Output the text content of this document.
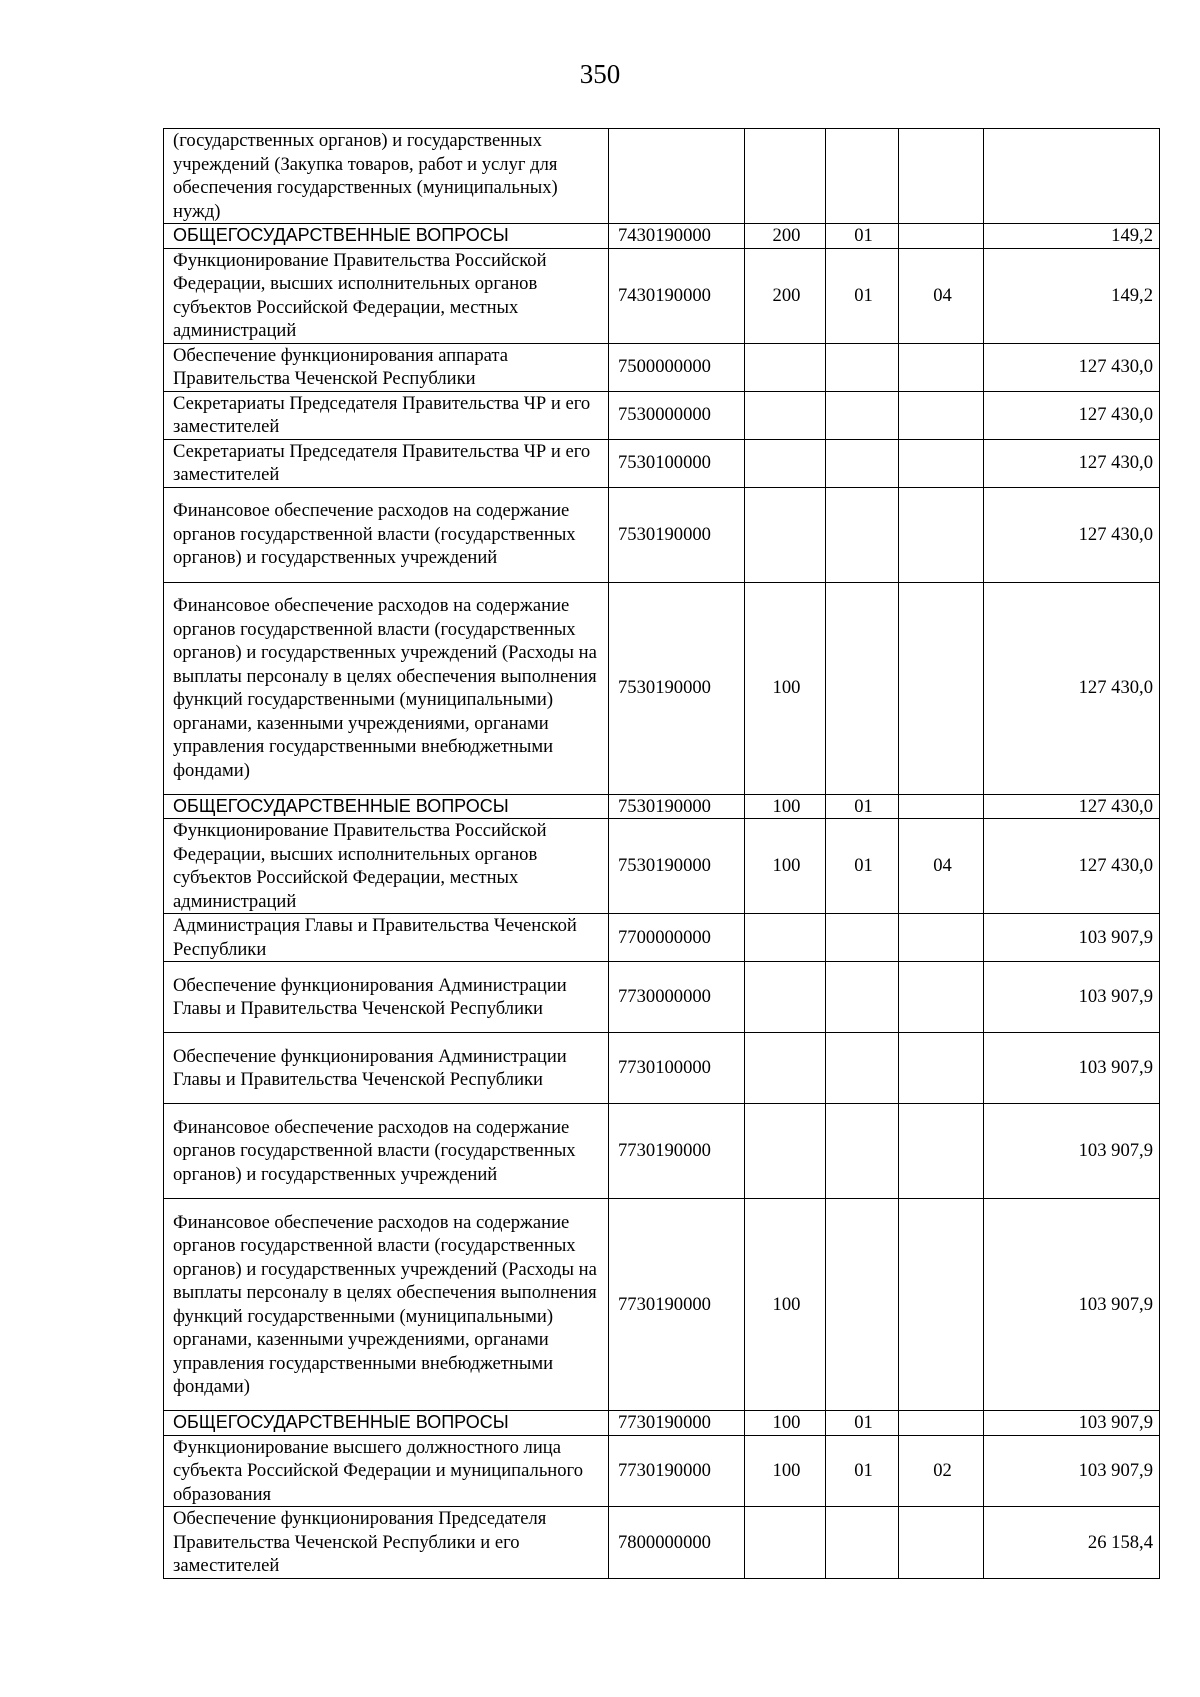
350
(государственных органов) и государственных учреждений (Закупка товаров, работ и услуг для обеспечения государственных (муниципальных) нужд)					
ОБЩЕГОСУДАРСТВЕННЫЕ ВОПРОСЫ	7430190000	200	01		149,2
Функционирование Правительства Российской Федерации, высших исполнительных органов субъектов Российской Федерации, местных администраций	7430190000	200	01	04	149,2
Обеспечение функционирования аппарата Правительства Чеченской Республики	7500000000				127 430,0
Секретариаты Председателя Правительства ЧР и его заместителей	7530000000				127 430,0
Секретариаты Председателя Правительства ЧР и его заместителей	7530100000				127 430,0
Финансовое обеспечение расходов на содержание органов государственной власти (государственных органов) и государственных учреждений	7530190000				127 430,0
Финансовое обеспечение расходов на содержание органов государственной власти (государственных органов) и государственных учреждений (Расходы на выплаты персоналу в целях обеспечения выполнения функций государственными (муниципальными) органами, казенными учреждениями, органами управления государственными внебюджетными фондами)	7530190000	100			127 430,0
ОБЩЕГОСУДАРСТВЕННЫЕ ВОПРОСЫ	7530190000	100	01		127 430,0
Функционирование Правительства Российской Федерации, высших исполнительных органов субъектов Российской Федерации, местных администраций	7530190000	100	01	04	127 430,0
Администрация Главы и Правительства Чеченской Республики	7700000000				103 907,9
Обеспечение функционирования Администрации Главы и Правительства Чеченской Республики	7730000000				103 907,9
Обеспечение функционирования Администрации Главы и Правительства Чеченской Республики	7730100000				103 907,9
Финансовое обеспечение расходов на содержание органов государственной власти (государственных органов) и государственных учреждений	7730190000				103 907,9
Финансовое обеспечение расходов на содержание органов государственной власти (государственных органов) и государственных учреждений (Расходы на выплаты персоналу в целях обеспечения выполнения функций государственными (муниципальными) органами, казенными учреждениями, органами управления государственными внебюджетными фондами)	7730190000	100			103 907,9
ОБЩЕГОСУДАРСТВЕННЫЕ ВОПРОСЫ	7730190000	100	01		103 907,9
Функционирование высшего должностного лица субъекта Российской Федерации и муниципального образования	7730190000	100	01	02	103 907,9
Обеспечение функционирования Председателя Правительства Чеченской Республики и его заместителей	7800000000				26 158,4
